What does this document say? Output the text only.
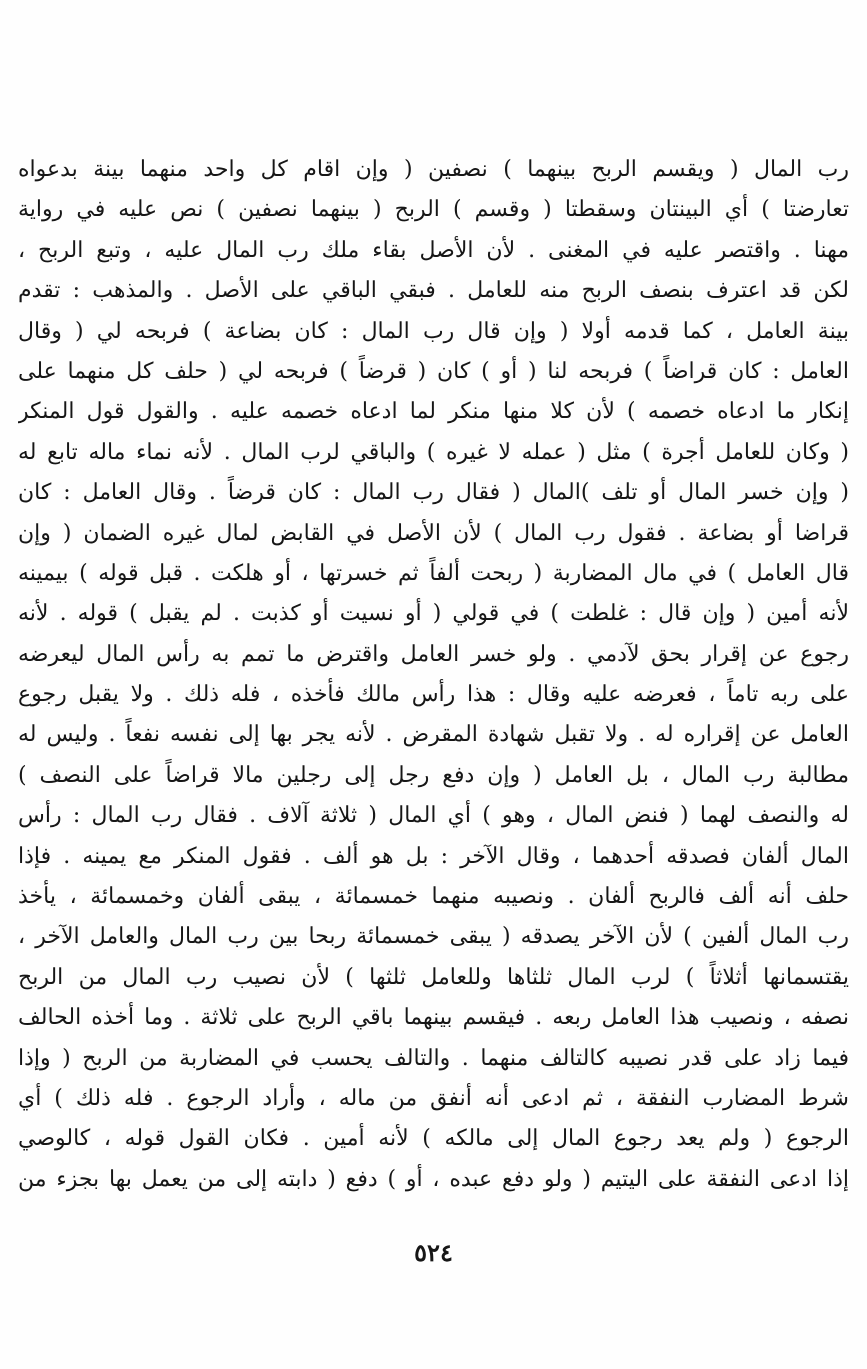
رب المال ( ويقسم الربح بينهما ) نصفين ( وإن اقام كل واحد منهما بينة بدعواه
تعارضتا ) أي البينتان وسقطتا ( وقسم ) الربح ( بينهما نصفين ) نص عليه في رواية
مهنا . واقتصر عليه في المغنى . لأن الأصل بقاء ملك رب المال عليه ، وتبع الربح ،
لكن قد اعترف بنصف الربح منه للعامل . فبقي الباقي على الأصل . والمذهب : تقدم
بينة العامل ، كما قدمه أولا ( وإن قال رب المال : كان بضاعة ) فربحه لي ( وقال
العامل : كان قراضاً ) فربحه لنا ( أو ) كان ( قرضاً ) فربحه لي ( حلف كل منهما على
إنكار ما ادعاه خصمه ) لأن كلا منها منكر لما ادعاه خصمه عليه . والقول قول المنكر
( وكان للعامل أجرة ) مثل ( عمله لا غيره ) والباقي لرب المال . لأنه نماء ماله تابع له
( وإن خسر المال أو تلف )المال ( فقال رب المال : كان قرضاً . وقال العامل : كان
قراضا أو بضاعة . فقول رب المال ) لأن الأصل في القابض لمال غيره الضمان ( وإن
قال العامل ) في مال المضاربة ( ربحت ألفاً ثم خسرتها ، أو هلكت . قبل قوله ) بيمينه
لأنه أمين ( وإن قال : غلطت ) في قولي ( أو نسيت أو كذبت . لم يقبل ) قوله . لأنه
رجوع عن إقرار بحق لآدمي . ولو خسر العامل واقترض ما تمم به رأس المال ليعرضه
على ربه تاماً ، فعرضه عليه وقال : هذا رأس مالك فأخذه ، فله ذلك . ولا يقبل رجوع
العامل عن إقراره له . ولا تقبل شهادة المقرض . لأنه يجر بها إلى نفسه نفعاً . وليس له
مطالبة رب المال ، بل العامل ( وإن دفع رجل إلى رجلين مالا قراضاً على النصف )
له والنصف لهما ( فنض المال ، وهو ) أي المال ( ثلاثة آلاف . فقال رب المال : رأس
المال ألفان فصدقه أحدهما ، وقال الآخر : بل هو ألف . فقول المنكر مع يمينه . فإذا
حلف أنه ألف فالربح ألفان . ونصيبه منهما خمسمائة ، يبقى ألفان وخمسمائة ، يأخذ
رب المال ألفين ) لأن الآخر يصدقه ( يبقى خمسمائة ربحا بين رب المال والعامل الآخر ،
يقتسمانها أثلاثاً ) لرب المال ثلثاها وللعامل ثلثها ) لأن نصيب رب المال من الربح
نصفه ، ونصيب هذا العامل ربعه . فيقسم بينهما باقي الربح على ثلاثة . وما أخذه الحالف
فيما زاد على قدر نصيبه كالتالف منهما . والتالف يحسب في المضاربة من الربح ( وإذا
شرط المضارب النفقة ، ثم ادعى أنه أنفق من ماله ، وأراد الرجوع . فله ذلك ) أي
الرجوع ( ولم يعد رجوع المال إلى مالكه ) لأنه أمين . فكان القول قوله ، كالوصي
إذا ادعى النفقة على اليتيم ( ولو دفع عبده ، أو ) دفع ( دابته إلى من يعمل بها بجزء من
٥٢٤
